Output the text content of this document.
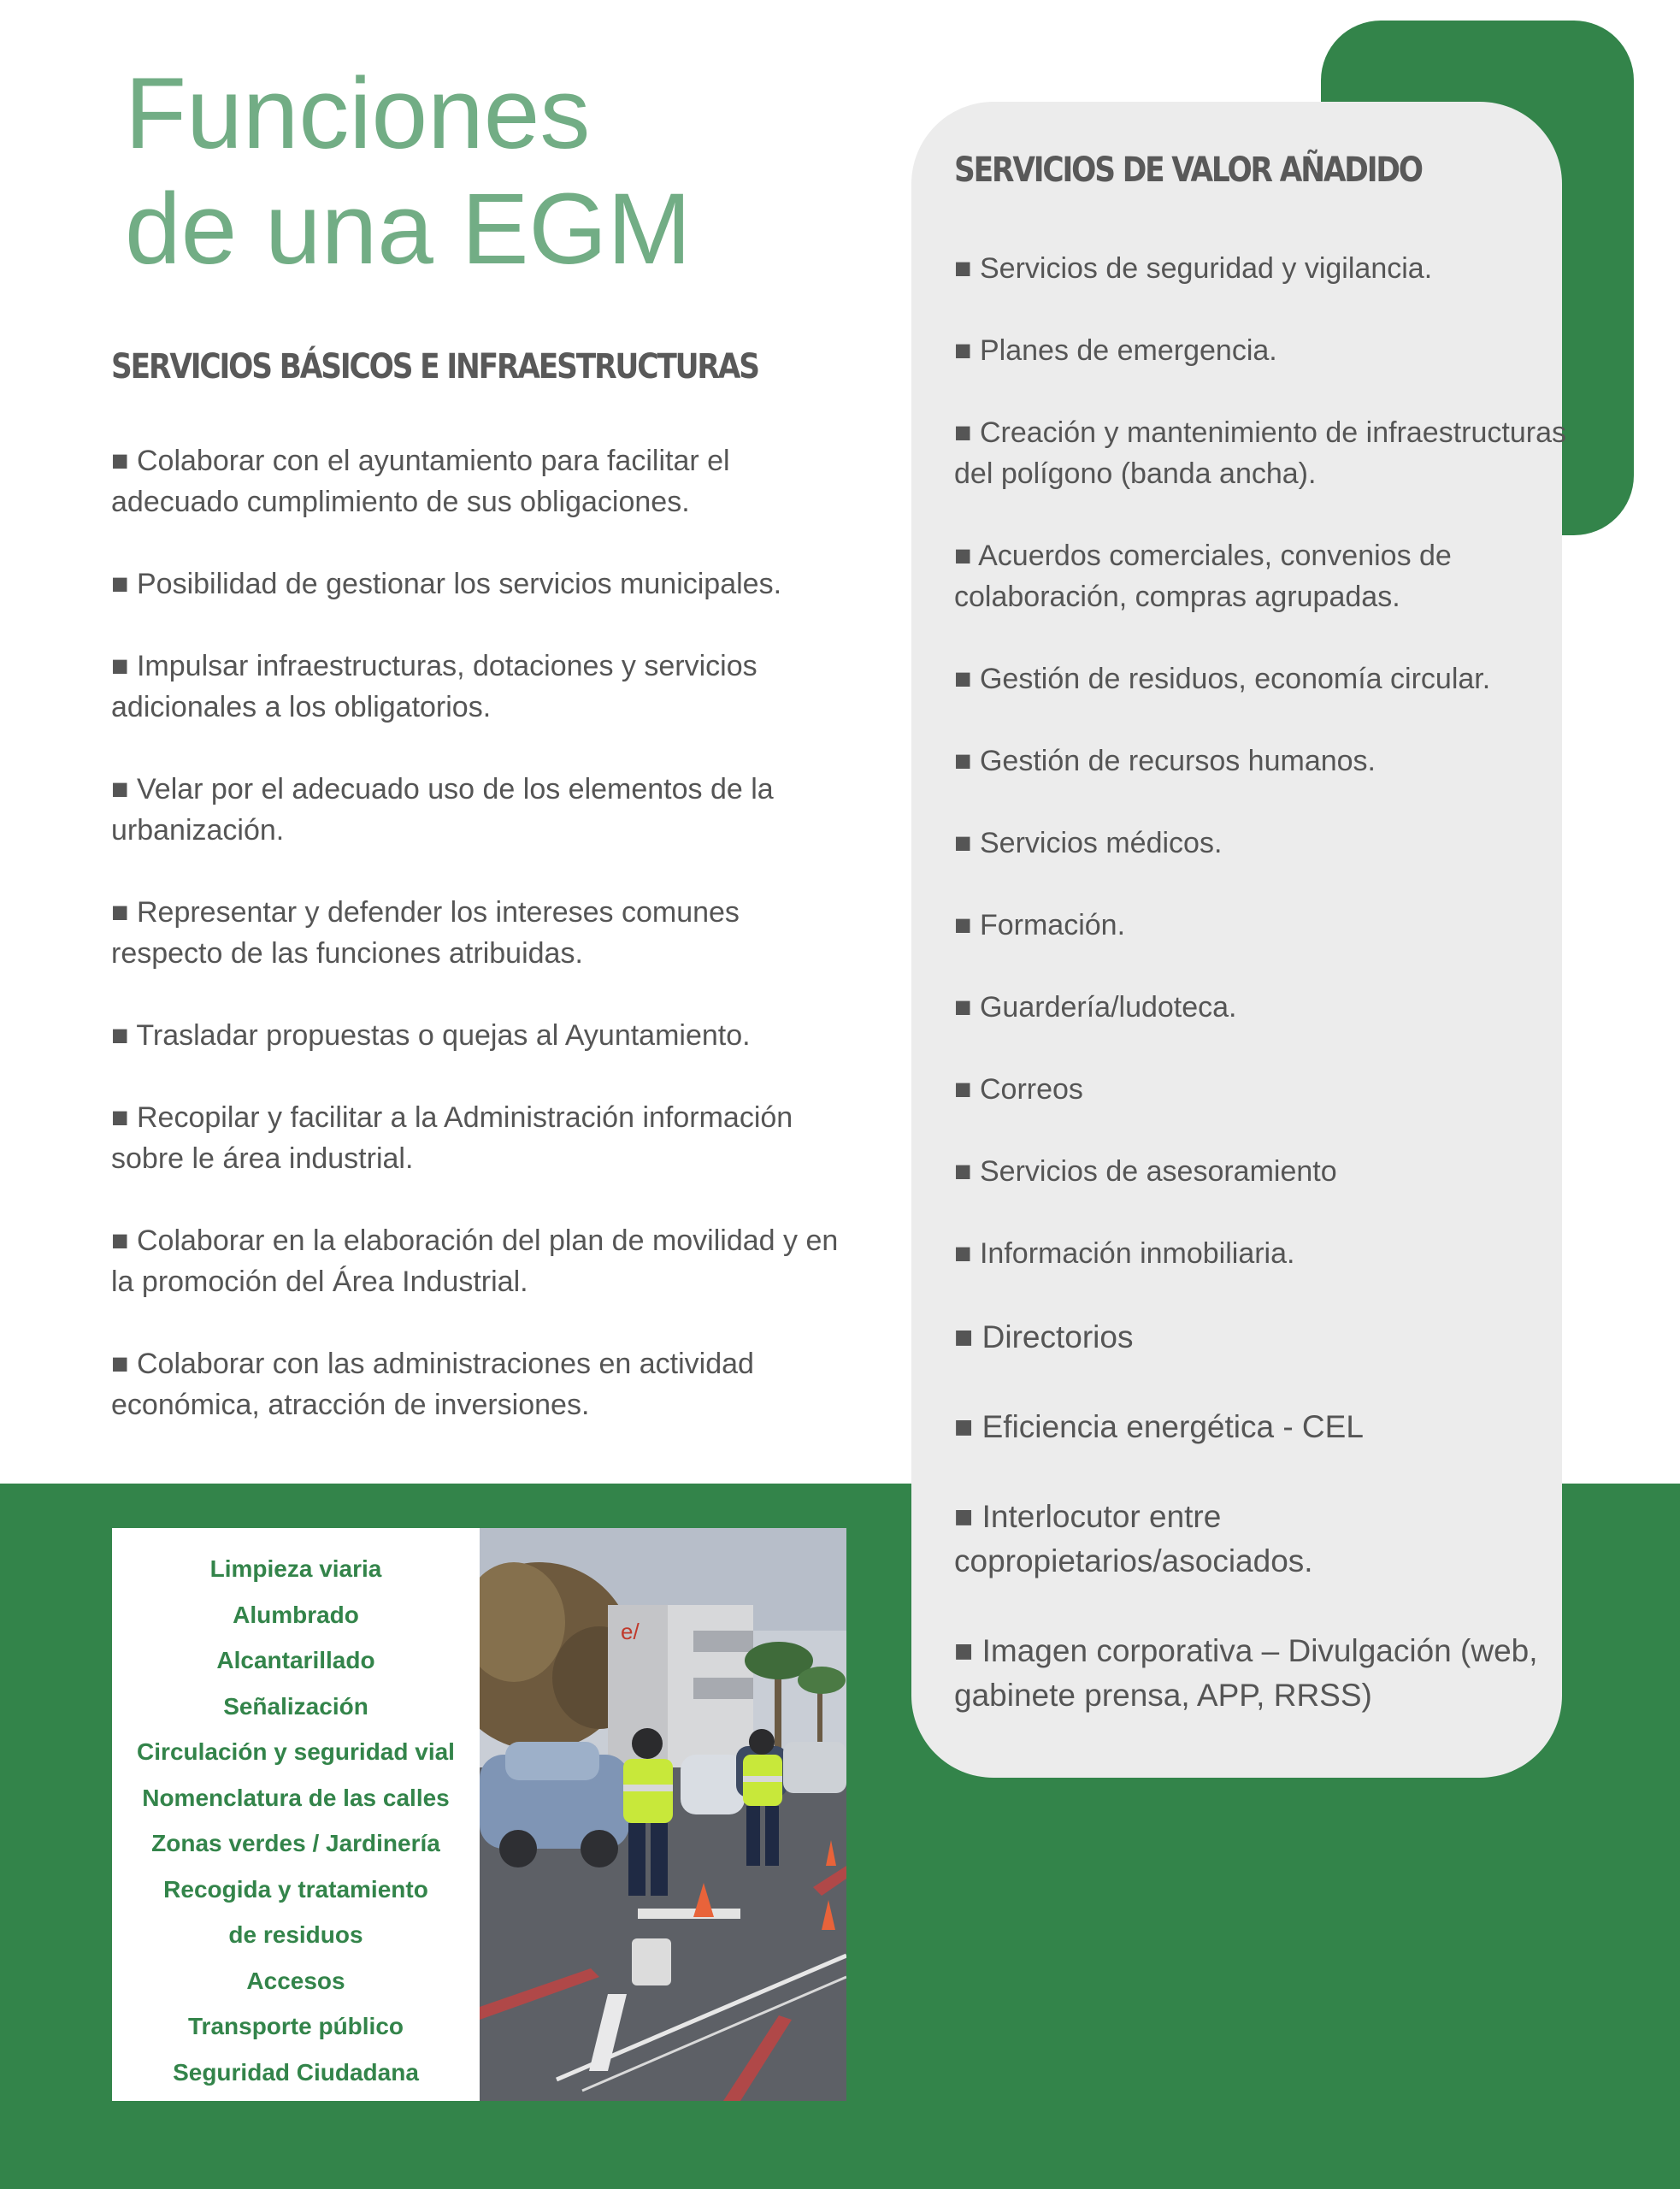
Funciones
de una EGM
SERVICIOS BÁSICOS E INFRAESTRUCTURAS
■ Colaborar con el ayuntamiento para facilitar el adecuado cumplimiento de sus obligaciones.
■ Posibilidad de gestionar los servicios municipales.
■ Impulsar infraestructuras, dotaciones y servicios adicionales a los obligatorios.
■ Velar por el adecuado uso de los elementos de la urbanización.
■ Representar y defender los intereses comunes respecto de las funciones atribuidas.
■ Trasladar propuestas o quejas al Ayuntamiento.
■ Recopilar y facilitar a la Administración información sobre le área industrial.
■ Colaborar en la elaboración del plan de movilidad y en la promoción del Área Industrial.
■ Colaborar con las administraciones en actividad económica, atracción de inversiones.
SERVICIOS DE VALOR AÑADIDO
■ Servicios de seguridad y vigilancia.
■ Planes de emergencia.
■ Creación y mantenimiento de infraestructuras del polígono (banda ancha).
■ Acuerdos comerciales, convenios de colaboración, compras agrupadas.
■ Gestión de residuos, economía circular.
■ Gestión de recursos humanos.
■ Servicios médicos.
■ Formación.
■ Guardería/ludoteca.
■ Correos
■ Servicios de asesoramiento
■ Información inmobiliaria.
■ Directorios
■ Eficiencia energética - CEL
■ Interlocutor entre copropietarios/asociados.
■ Imagen corporativa – Divulgación (web, gabinete prensa, APP, RRSS)
Limpieza viaria
Alumbrado
Alcantarillado
Señalización
Circulación y seguridad vial
Nomenclatura de las calles
Zonas verdes / Jardinería
Recogida y tratamiento
de residuos
Accesos
Transporte público
Seguridad Ciudadana
e/
